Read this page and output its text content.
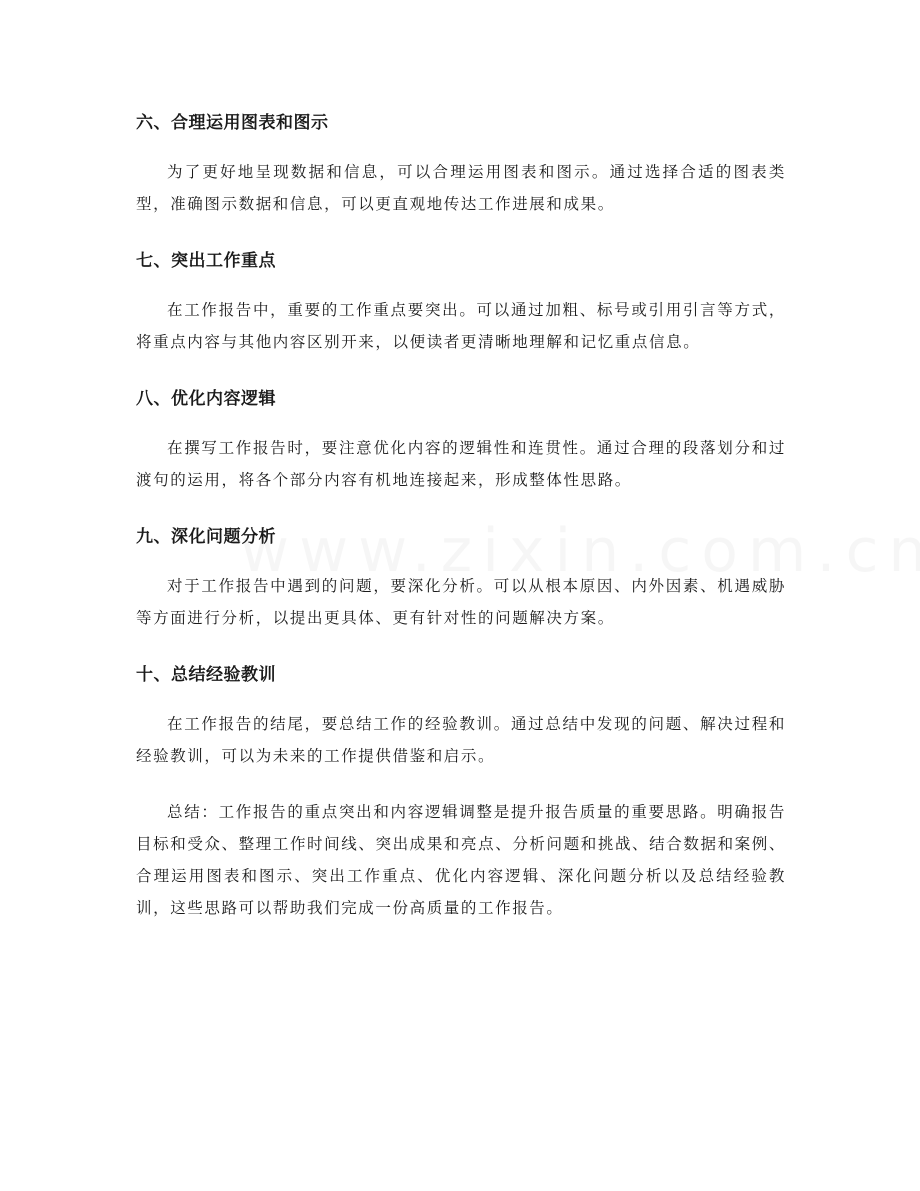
六、合理运用图表和图示

为了更好地呈现数据和信息，可以合理运用图表和图示。通过选择合适的图表类型，准确图示数据和信息，可以更直观地传达工作进展和成果。

七、突出工作重点

在工作报告中，重要的工作重点要突出。可以通过加粗、标号或引用引言等方式，将重点内容与其他内容区别开来，以便读者更清晰地理解和记忆重点信息。

八、优化内容逻辑

在撰写工作报告时，要注意优化内容的逻辑性和连贯性。通过合理的段落划分和过渡句的运用，将各个部分内容有机地连接起来，形成整体性思路。

九、深化问题分析

对于工作报告中遇到的问题，要深化分析。可以从根本原因、内外因素、机遇威胁等方面进行分析，以提出更具体、更有针对性的问题解决方案。

十、总结经验教训

在工作报告的结尾，要总结工作的经验教训。通过总结中发现的问题、解决过程和经验教训，可以为未来的工作提供借鉴和启示。

总结：工作报告的重点突出和内容逻辑调整是提升报告质量的重要思路。明确报告目标和受众、整理工作时间线、突出成果和亮点、分析问题和挑战、结合数据和案例、合理运用图表和图示、突出工作重点、优化内容逻辑、深化问题分析以及总结经验教训，这些思路可以帮助我们完成一份高质量的工作报告。
